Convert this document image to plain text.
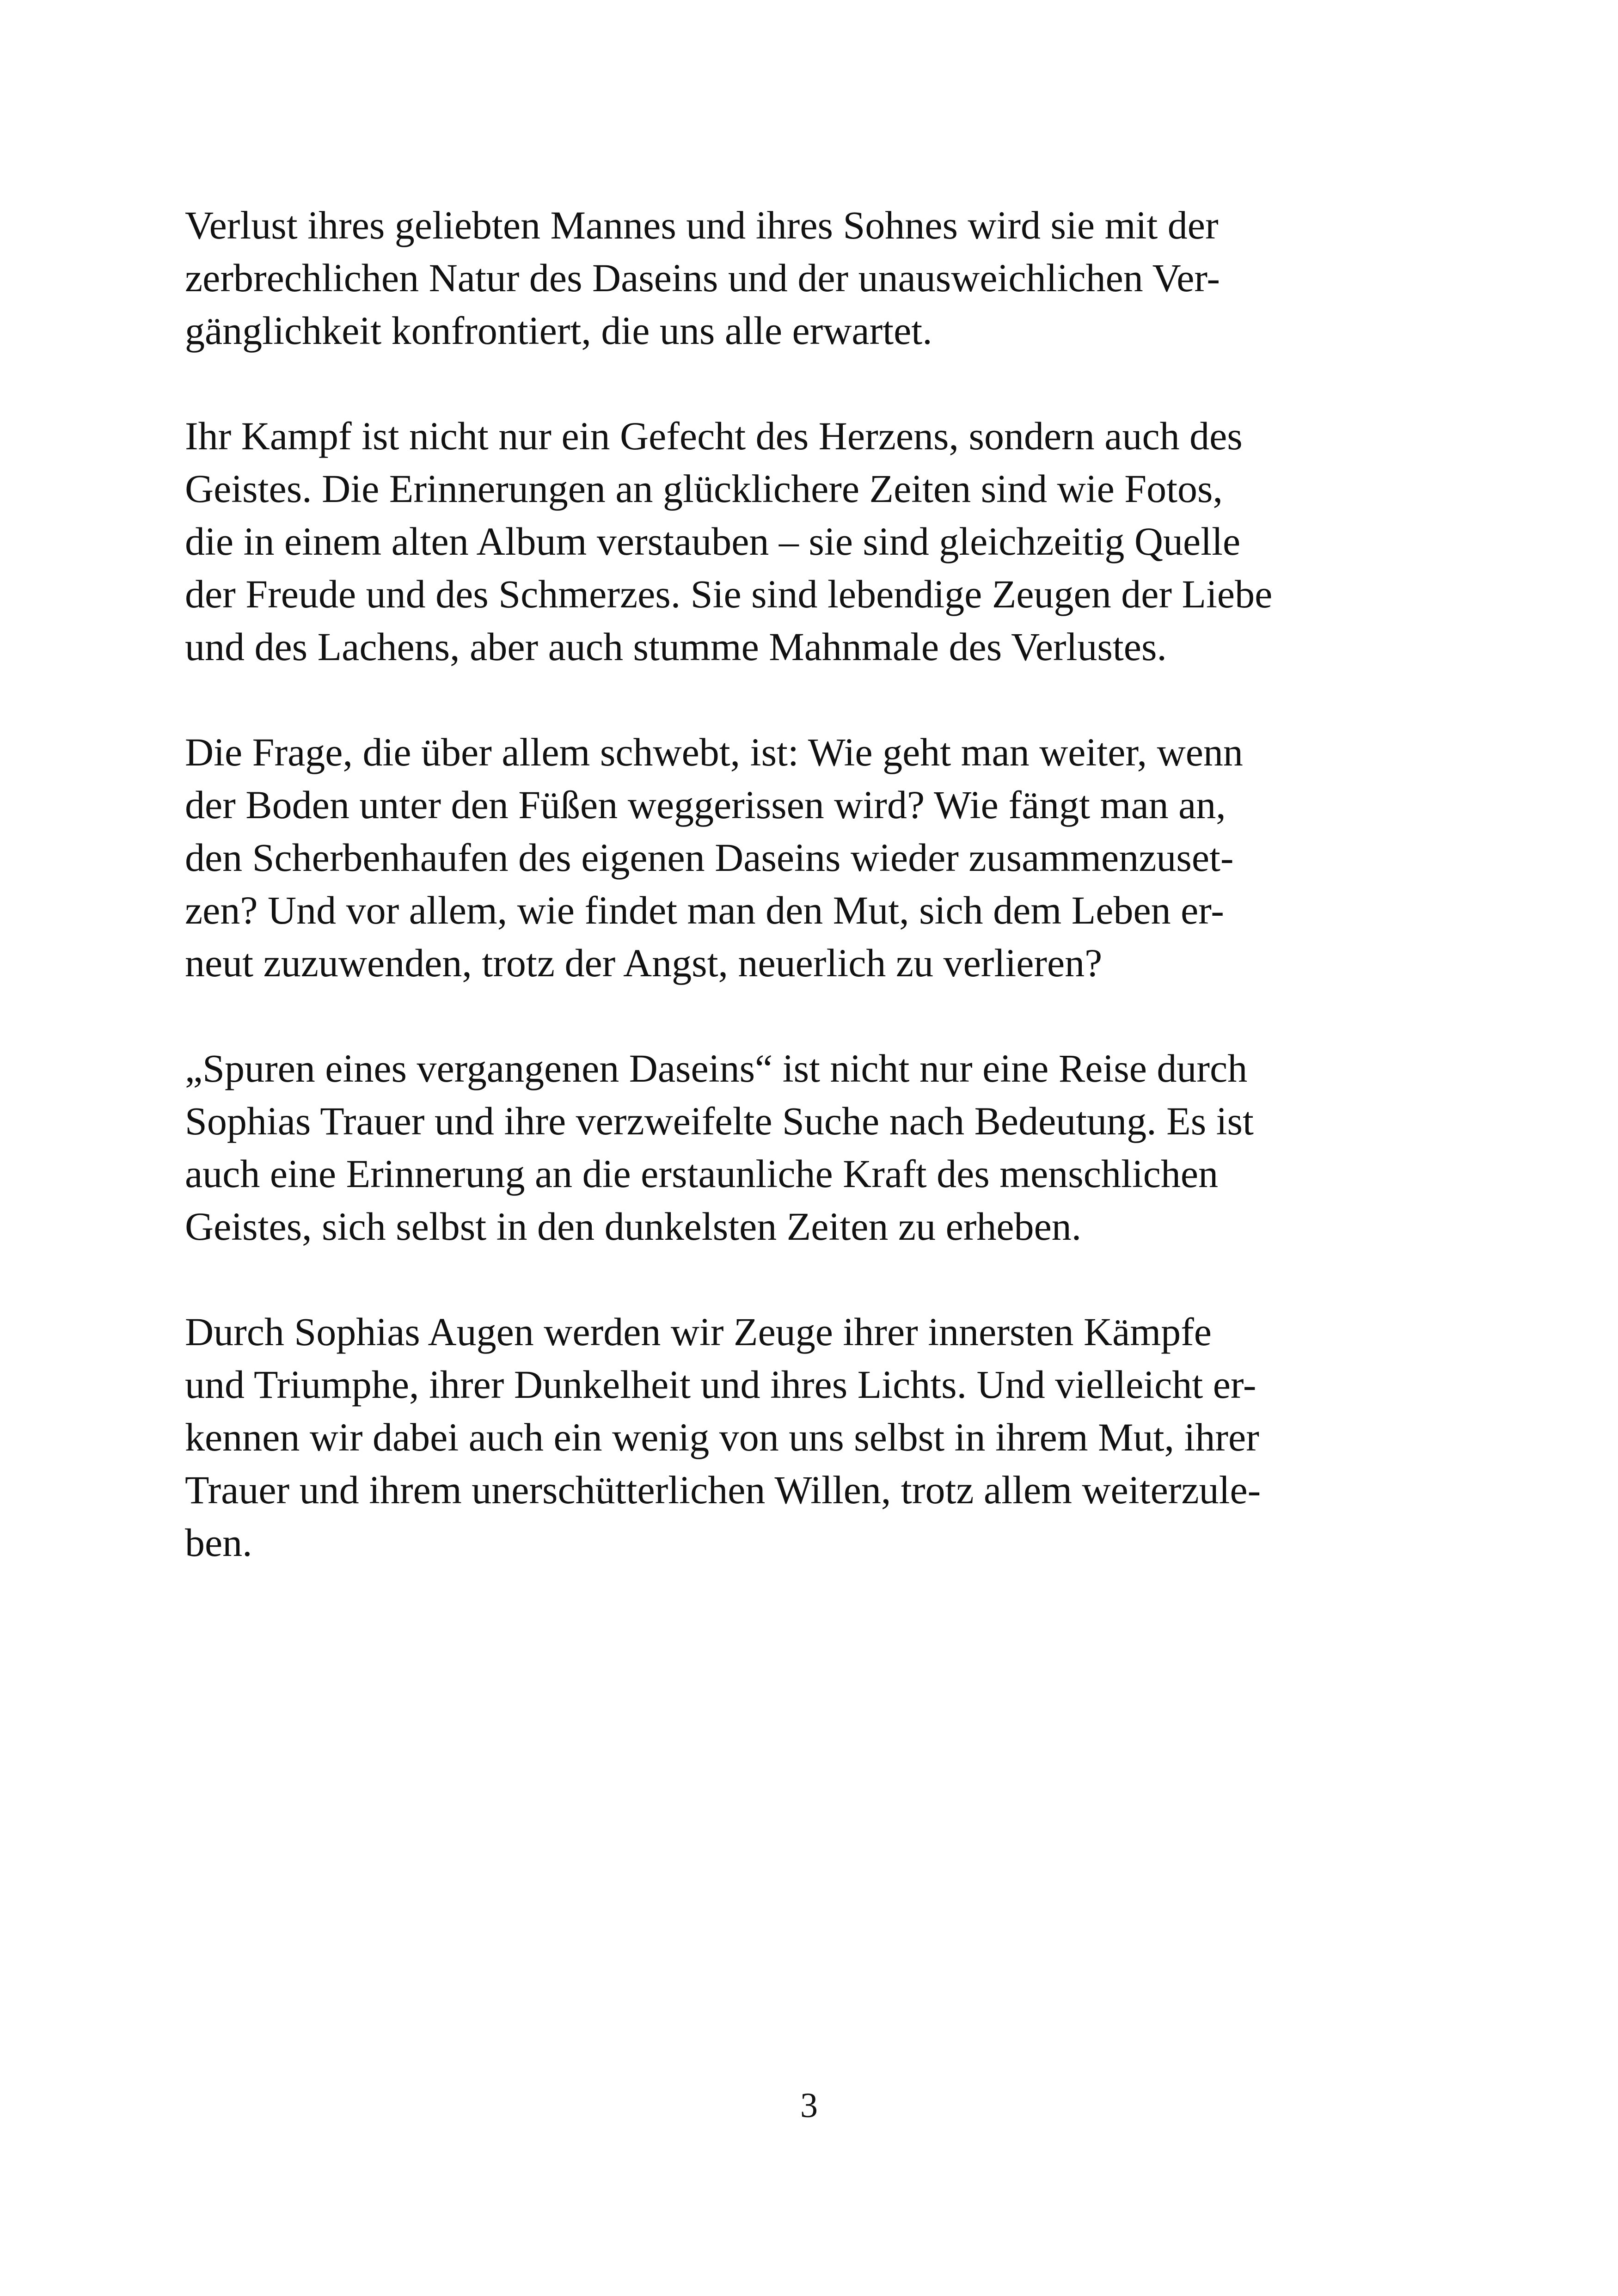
Verlust ihres geliebten Mannes und ihres Sohnes wird sie mit der
zerbrechlichen Natur des Daseins und der unausweichlichen Ver-
gänglichkeit konfrontiert, die uns alle erwartet.

Ihr Kampf ist nicht nur ein Gefecht des Herzens, sondern auch des
Geistes. Die Erinnerungen an glücklichere Zeiten sind wie Fotos,
die in einem alten Album verstauben – sie sind gleichzeitig Quelle
der Freude und des Schmerzes. Sie sind lebendige Zeugen der Liebe
und des Lachens, aber auch stumme Mahnmale des Verlustes.

Die Frage, die über allem schwebt, ist: Wie geht man weiter, wenn
der Boden unter den Füßen weggerissen wird? Wie fängt man an,
den Scherbenhaufen des eigenen Daseins wieder zusammenzuset-
zen? Und vor allem, wie findet man den Mut, sich dem Leben er-
neut zuzuwenden, trotz der Angst, neuerlich zu verlieren?

„Spuren eines vergangenen Daseins“ ist nicht nur eine Reise durch
Sophias Trauer und ihre verzweifelte Suche nach Bedeutung. Es ist
auch eine Erinnerung an die erstaunliche Kraft des menschlichen
Geistes, sich selbst in den dunkelsten Zeiten zu erheben.

Durch Sophias Augen werden wir Zeuge ihrer innersten Kämpfe
und Triumphe, ihrer Dunkelheit und ihres Lichts. Und vielleicht er-
kennen wir dabei auch ein wenig von uns selbst in ihrem Mut, ihrer
Trauer und ihrem unerschütterlichen Willen, trotz allem weiterzule-
ben.

3
